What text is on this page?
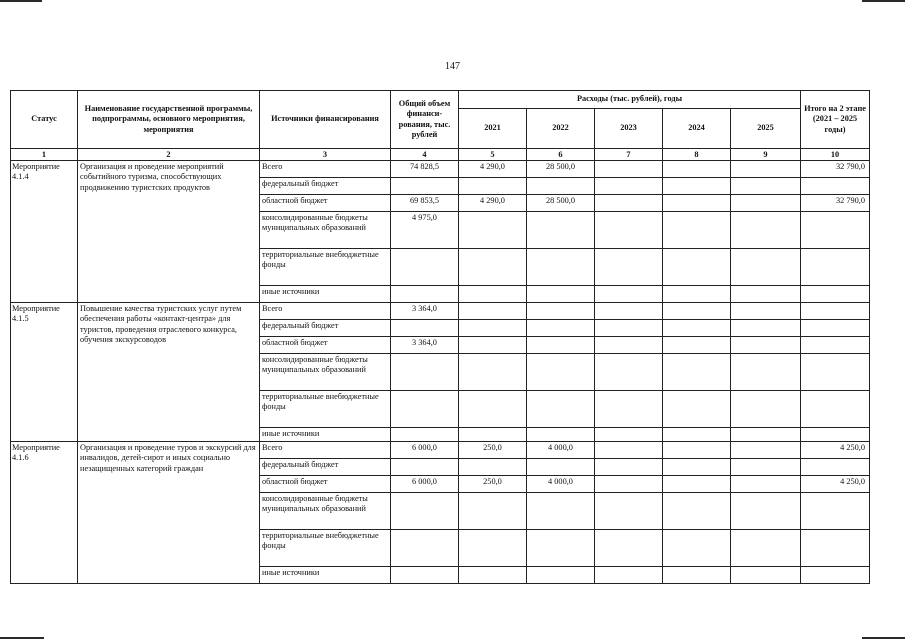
147
Статус	Наименование государственной программы, подпрограммы, основного мероприятия, мероприятия	Источники финансирования	Общий объем финанси-рования, тыс. рублей	Расходы (тыс. рублей), годы					Итого на 2 этапе (2021 – 2025 годы)
				2021	2022	2023	2024	2025	
1	2	3	4	5	6	7	8	9	10
Мероприятие 4.1.4	Организация и проведение мероприятий событийного туризма, способствующих продвижению туристских продуктов	Всего	74 828,5	4 290,0	28 500,0				32 790,0
		федеральный бюджет							
		областной бюджет	69 853,5	4 290,0	28 500,0				32 790,0
		консолидированные бюджеты муниципальных образований	4 975,0						
		территориальные внебюджетные фонды							
		иные источники							
Мероприятие 4.1.5	Повышение качества туристских услуг путем обеспечения работы «контакт-центра» для туристов, проведения отраслевого конкурса, обучения экскурсоводов	Всего	3 364,0						
		федеральный бюджет							
		областной бюджет	3 364,0						
		консолидированные бюджеты муниципальных образований							
		территориальные внебюджетные фонды							
		иные источники							
Мероприятие 4.1.6	Организация и проведение туров и экскурсий для инвалидов, детей-сирот и иных социально незащищенных категорий граждан	Всего	6 000,0	250,0	4 000,0				4 250,0
		федеральный бюджет							
		областной бюджет	6 000,0	250,0	4 000,0				4 250,0
		консолидированные бюджеты муниципальных образований							
		территориальные внебюджетные фонды							
		иные источники							
